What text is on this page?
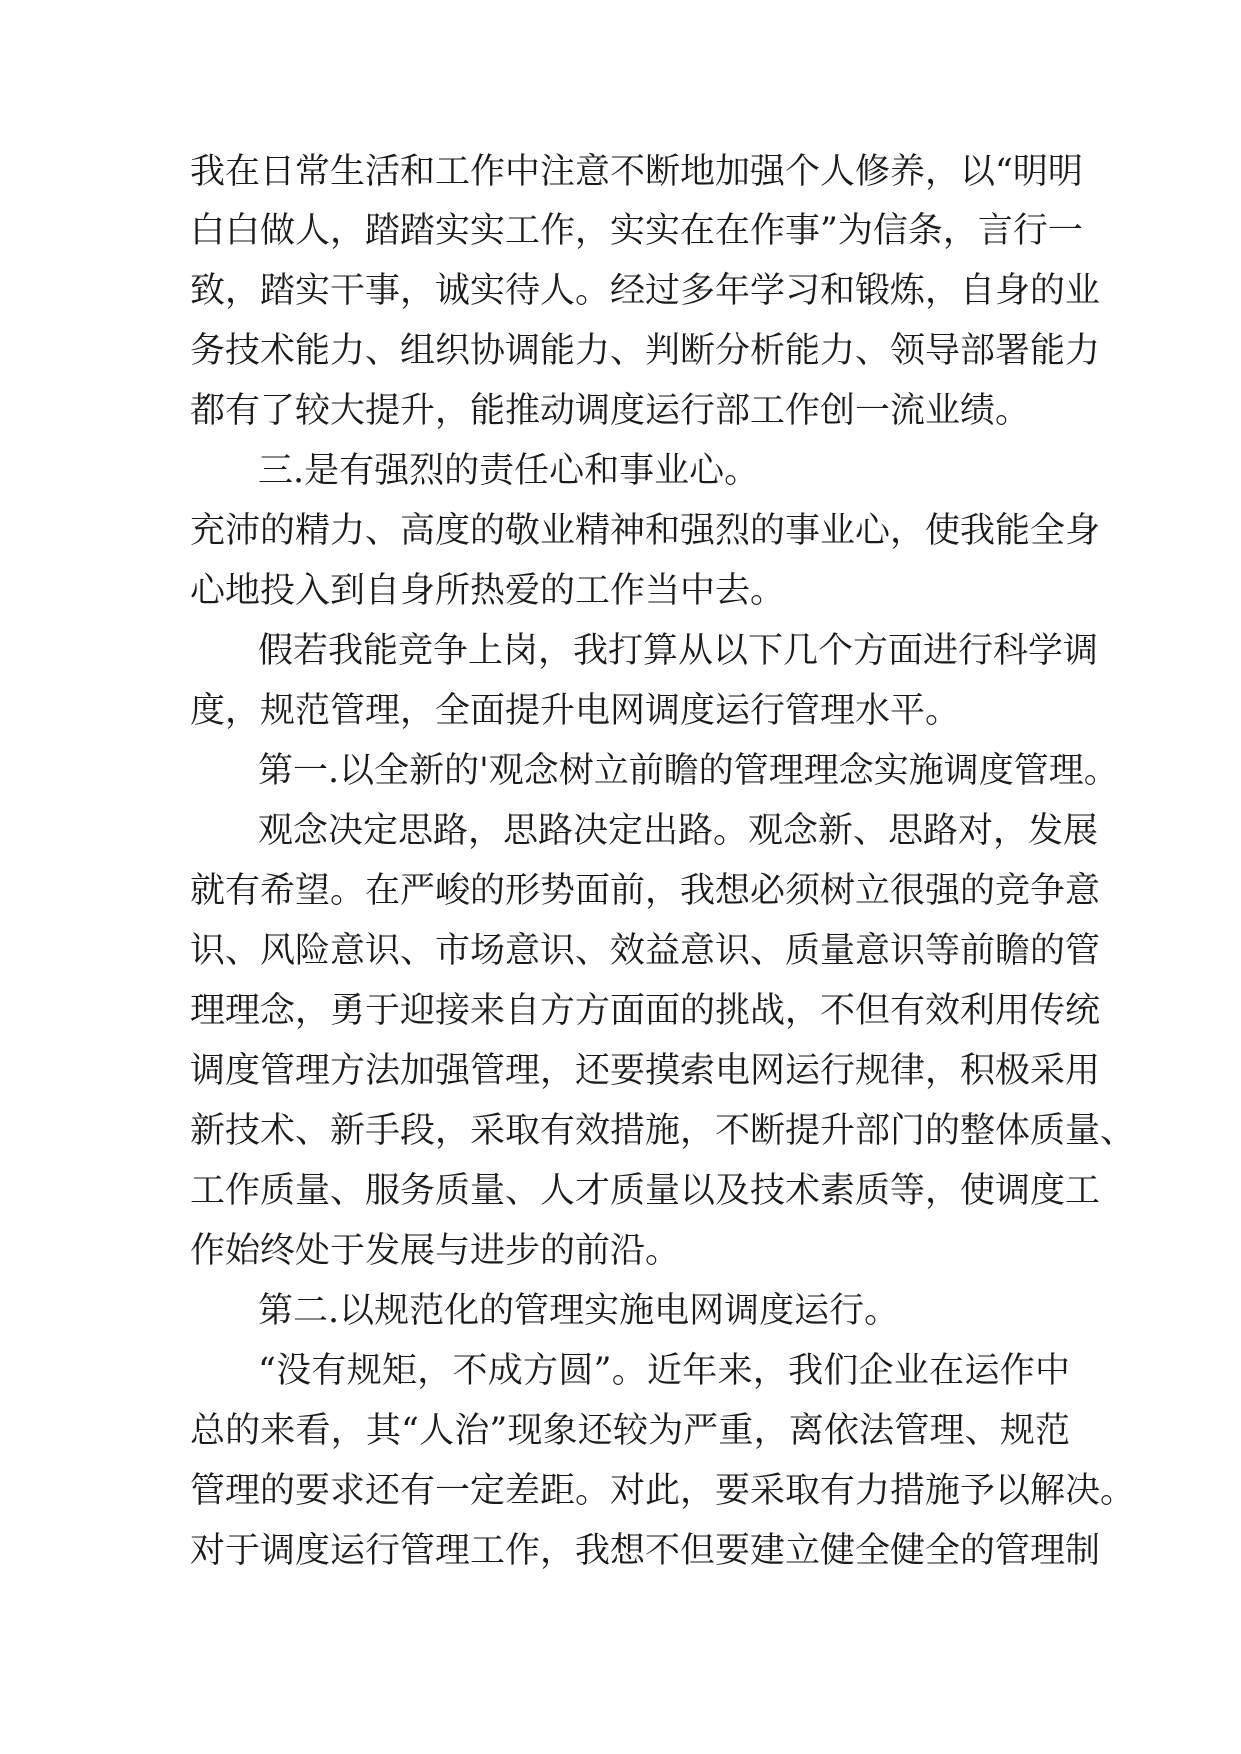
我在日常生活和工作中注意不断地加强个人修养，以“明明
白白做人，踏踏实实工作，实实在在作事”为信条，言行一
致，踏实干事，诚实待人。经过多年学习和锻炼，自身的业
务技术能力、组织协调能力、判断分析能力、领导部署能力
都有了较大提升，能推动调度运行部工作创一流业绩。
三.是有强烈的责任心和事业心。
充沛的精力、高度的敬业精神和强烈的事业心，使我能全身
心地投入到自身所热爱的工作当中去。
假若我能竞争上岗，我打算从以下几个方面进行科学调
度，规范管理，全面提升电网调度运行管理水平。
第一.以全新的'观念树立前瞻的管理理念实施调度管理。
观念决定思路，思路决定出路。观念新、思路对，发展
就有希望。在严峻的形势面前，我想必须树立很强的竞争意
识、风险意识、市场意识、效益意识、质量意识等前瞻的管
理理念，勇于迎接来自方方面面的挑战，不但有效利用传统
调度管理方法加强管理，还要摸索电网运行规律，积极采用
新技术、新手段，采取有效措施，不断提升部门的整体质量、
工作质量、服务质量、人才质量以及技术素质等，使调度工
作始终处于发展与进步的前沿。
第二.以规范化的管理实施电网调度运行。
“没有规矩，不成方圆”。近年来，我们企业在运作中
总的来看，其“人治”现象还较为严重，离依法管理、规范
管理的要求还有一定差距。对此，要采取有力措施予以解决。
对于调度运行管理工作，我想不但要建立健全健全的管理制
